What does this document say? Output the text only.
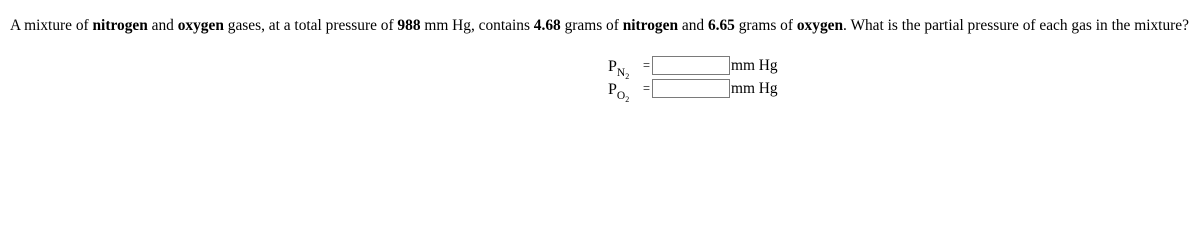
A mixture of nitrogen and oxygen gases, at a total pressure of 988 mm Hg, contains 4.68 grams of nitrogen and 6.65 grams of oxygen. What is the partial pressure of each gas in the mixture?
$P_{N2}$
=	mm Hg
$P_{O2}$
=	mm Hg
